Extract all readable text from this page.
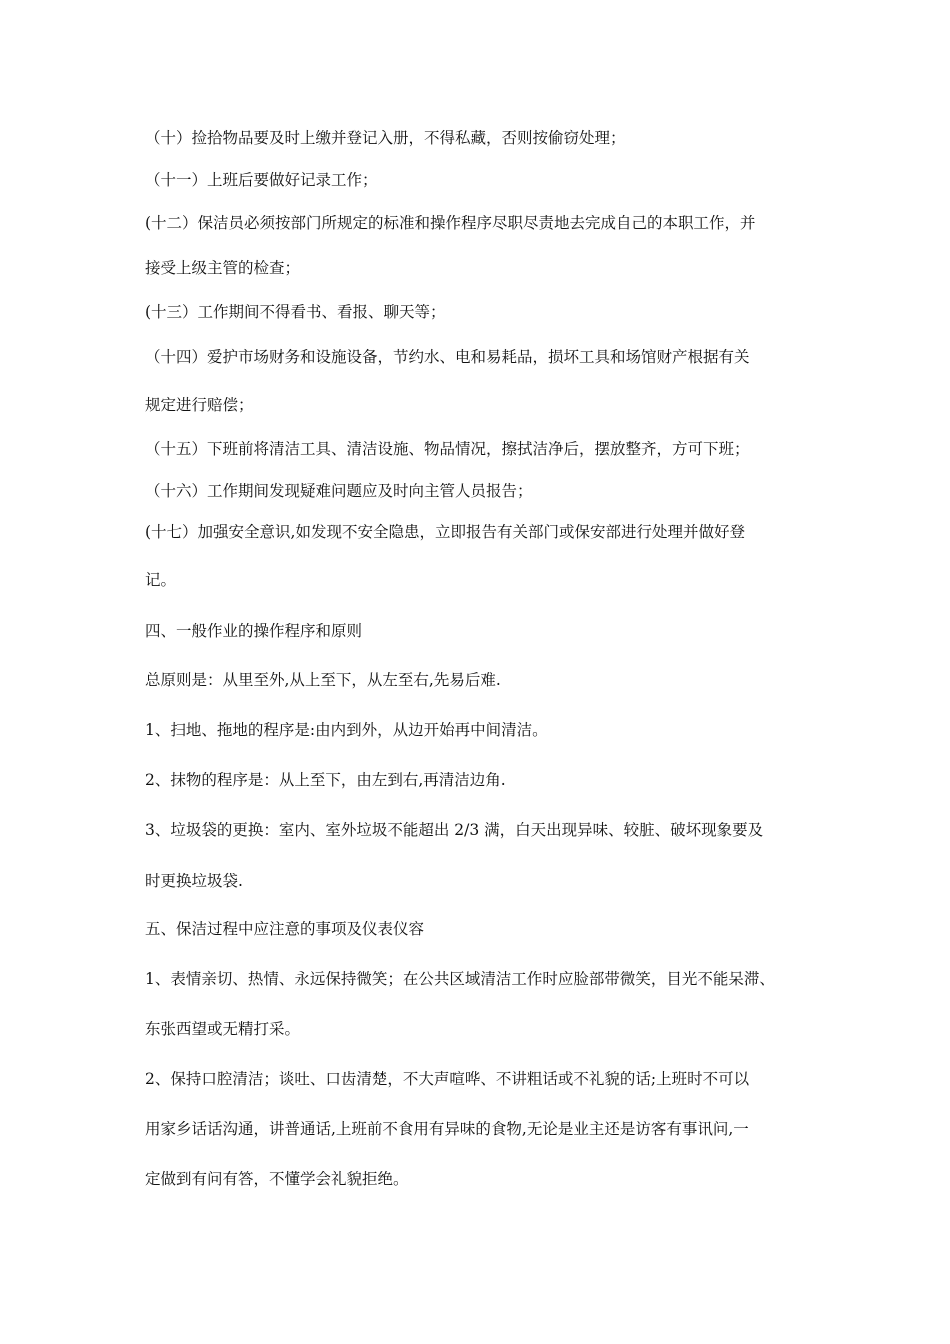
（十）捡拾物品要及时上缴并登记入册，不得私藏，否则按偷窃处理；
（十一）上班后要做好记录工作；
(十二）保洁员必须按部门所规定的标准和操作程序尽职尽责地去完成自己的本职工作，并
接受上级主管的检查；
(十三）工作期间不得看书、看报、聊天等；
（十四）爱护市场财务和设施设备，节约水、电和易耗品，损坏工具和场馆财产根据有关
规定进行赔偿；
（十五）下班前将清洁工具、清洁设施、物品情况，擦拭洁净后，摆放整齐，方可下班；
（十六）工作期间发现疑难问题应及时向主管人员报告；
(十七）加强安全意识,如发现不安全隐患，立即报告有关部门或保安部进行处理并做好登
记。
四、一般作业的操作程序和原则
总原则是：从里至外,从上至下，从左至右,先易后难.
1、扫地、拖地的程序是:由内到外，从边开始再中间清洁。
2、抹物的程序是：从上至下，由左到右,再清洁边角.
3、垃圾袋的更换：室内、室外垃圾不能超出 2/3 满，白天出现异味、较脏、破坏现象要及
时更换垃圾袋.
五、保洁过程中应注意的事项及仪表仪容
1、表情亲切、热情、永远保持微笑；在公共区域清洁工作时应脸部带微笑，目光不能呆滞、
东张西望或无精打采。
2、保持口腔清洁；谈吐、口齿清楚，不大声喧哗、不讲粗话或不礼貌的话;上班时不可以
用家乡话话沟通，讲普通话,上班前不食用有异味的食物,无论是业主还是访客有事讯问,一
定做到有问有答，不懂学会礼貌拒绝。
